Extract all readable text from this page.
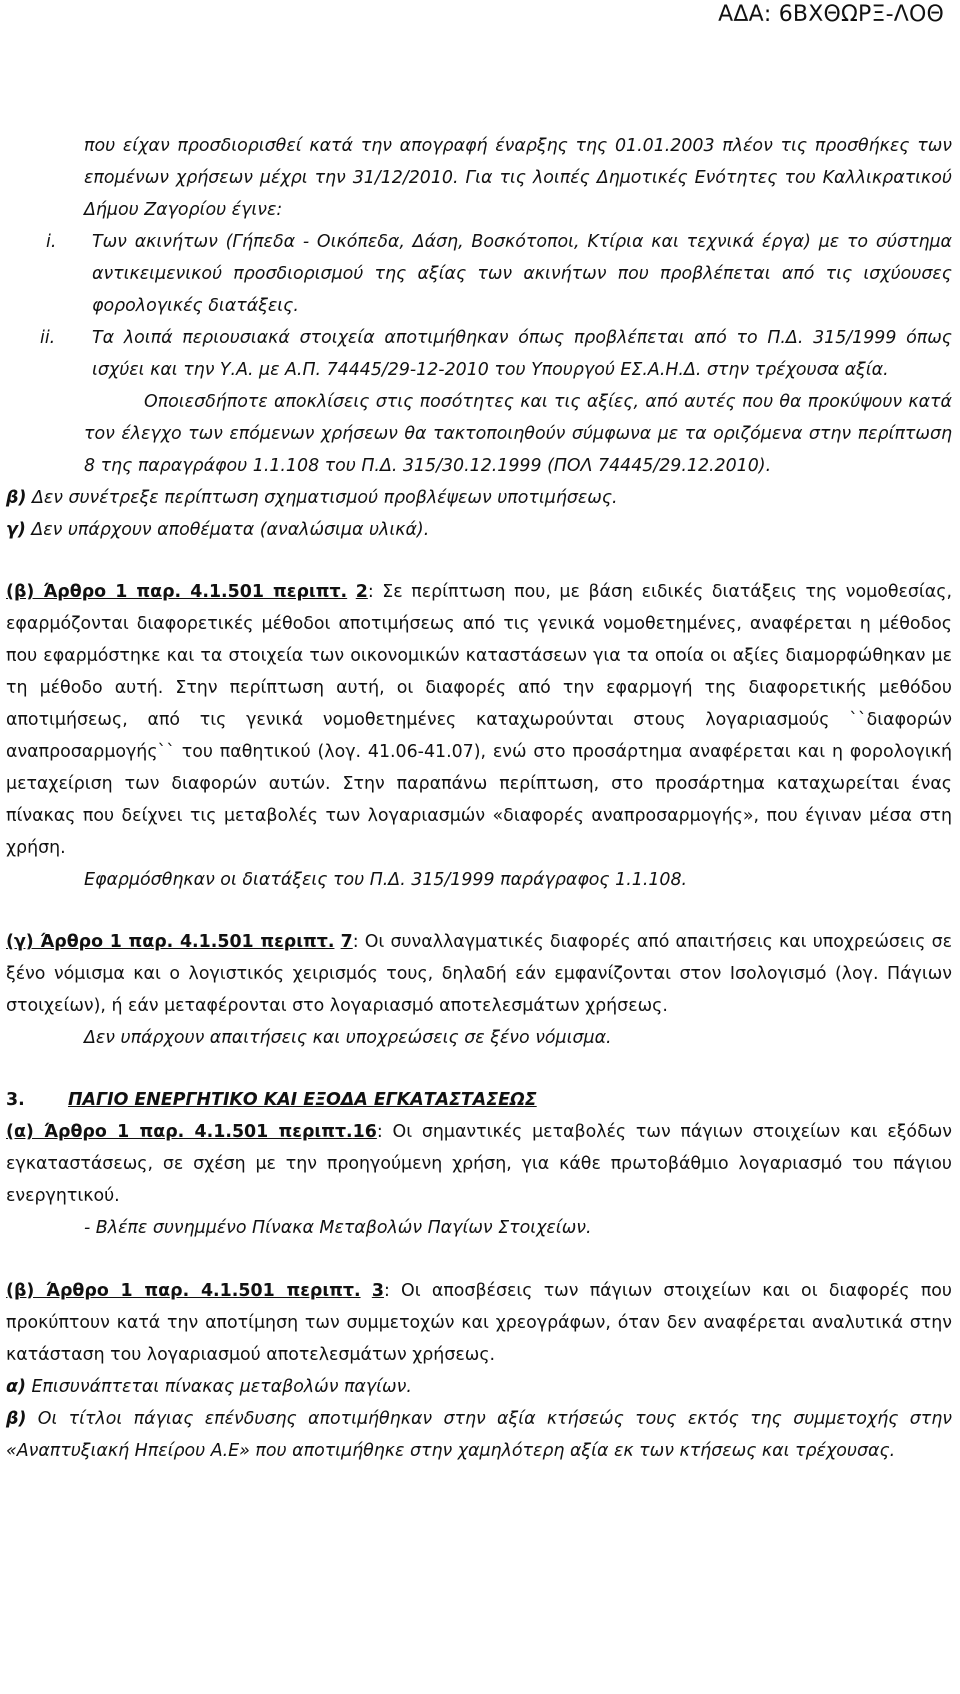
ΑΔΑ: 6ΒΧΘΩΡΞ-ΛΟΘ

που είχαν προσδιορισθεί κατά την απογραφή έναρξης της 01.01.2003 πλέον τις προσθήκες των επομένων χρήσεων μέχρι την 31/12/2010. Για τις λοιπές Δημοτικές Ενότητες του Καλλικρατικού Δήμου Ζαγορίου έγινε:

i. Των ακινήτων (Γήπεδα - Οικόπεδα, Δάση, Βοσκότοποι, Κτίρια και τεχνικά έργα) με το σύστημα αντικειμενικού προσδιορισμού της αξίας των ακινήτων που προβλέπεται από τις ισχύουσες φορολογικές διατάξεις.
ii. Τα λοιπά περιουσιακά στοιχεία αποτιμήθηκαν όπως προβλέπεται από το Π.Δ. 315/1999 όπως ισχύει και την Υ.Α. με Α.Π. 74445/29-12-2010 του Υπουργού ΕΣ.Α.Η.Δ. στην τρέχουσα αξία.

Οποιεσδήποτε αποκλίσεις στις ποσότητες και τις αξίες, από αυτές που θα προκύψουν κατά τον έλεγχο των επόμενων χρήσεων θα τακτοποιηθούν σύμφωνα με τα οριζόμενα στην περίπτωση 8 της παραγράφου 1.1.108 του Π.Δ. 315/30.12.1999 (ΠΟΛ 74445/29.12.2010).

β) Δεν συνέτρεξε περίπτωση σχηματισμού προβλέψεων υποτιμήσεως.

γ) Δεν υπάρχουν αποθέματα (αναλώσιμα υλικά).

(β) Άρθρο 1 παρ. 4.1.501 περιπτ. 2: Σε περίπτωση που, με βάση ειδικές διατάξεις της νομοθεσίας, εφαρμόζονται διαφορετικές μέθοδοι αποτιμήσεως από τις γενικά νομοθετημένες, αναφέρεται η μέθοδος που εφαρμόστηκε και τα στοιχεία των οικονομικών καταστάσεων για τα οποία οι αξίες διαμορφώθηκαν με τη μέθοδο αυτή. Στην περίπτωση αυτή, οι διαφορές από την εφαρμογή της διαφορετικής μεθόδου αποτιμήσεως, από τις γενικά νομοθετημένες καταχωρούνται στους λογαριασμούς ``διαφορών αναπροσαρμογής`` του παθητικού (λογ. 41.06-41.07), ενώ στο προσάρτημα αναφέρεται και η φορολογική μεταχείριση των διαφορών αυτών. Στην παραπάνω περίπτωση, στο προσάρτημα καταχωρείται ένας πίνακας που δείχνει τις μεταβολές των λογαριασμών «διαφορές αναπροσαρμογής», που έγιναν μέσα στη χρήση.

Εφαρμόσθηκαν οι διατάξεις του Π.Δ. 315/1999 παράγραφος 1.1.108.

(γ) Άρθρο 1 παρ. 4.1.501 περιπτ. 7: Οι συναλλαγματικές διαφορές από απαιτήσεις και υποχρεώσεις σε ξένο νόμισμα και ο λογιστικός χειρισμός τους, δηλαδή εάν εμφανίζονται στον Ισολογισμό (λογ. Πάγιων στοιχείων), ή εάν μεταφέρονται στο λογαριασμό αποτελεσμάτων χρήσεως.

Δεν υπάρχουν απαιτήσεις και υποχρεώσεις σε ξένο νόμισμα.

3.	ΠΑΓΙΟ ΕΝΕΡΓΗΤΙΚΟ ΚΑΙ ΕΞΟΔΑ ΕΓΚΑΤΑΣΤΑΣΕΩΣ

(α) Άρθρο 1 παρ. 4.1.501 περιπτ.16: Οι σημαντικές μεταβολές των πάγιων στοιχείων και εξόδων εγκαταστάσεως, σε σχέση με την προηγούμενη χρήση, για κάθε πρωτοβάθμιο λογαριασμό του πάγιου ενεργητικού.

- Βλέπε συνημμένο Πίνακα Μεταβολών Παγίων Στοιχείων.

(β) Άρθρο 1 παρ. 4.1.501 περιπτ. 3: Οι αποσβέσεις των πάγιων στοιχείων και οι διαφορές που προκύπτουν κατά την αποτίμηση των συμμετοχών και χρεογράφων, όταν δεν αναφέρεται αναλυτικά στην κατάσταση του λογαριασμού αποτελεσμάτων χρήσεως.

α) Επισυνάπτεται πίνακας μεταβολών παγίων.

β) Οι τίτλοι πάγιας επένδυσης αποτιμήθηκαν στην αξία κτήσεώς τους εκτός της συμμετοχής στην «Αναπτυξιακή Ηπείρου Α.Ε» που αποτιμήθηκε στην χαμηλότερη αξία εκ των κτήσεως και τρέχουσας.
